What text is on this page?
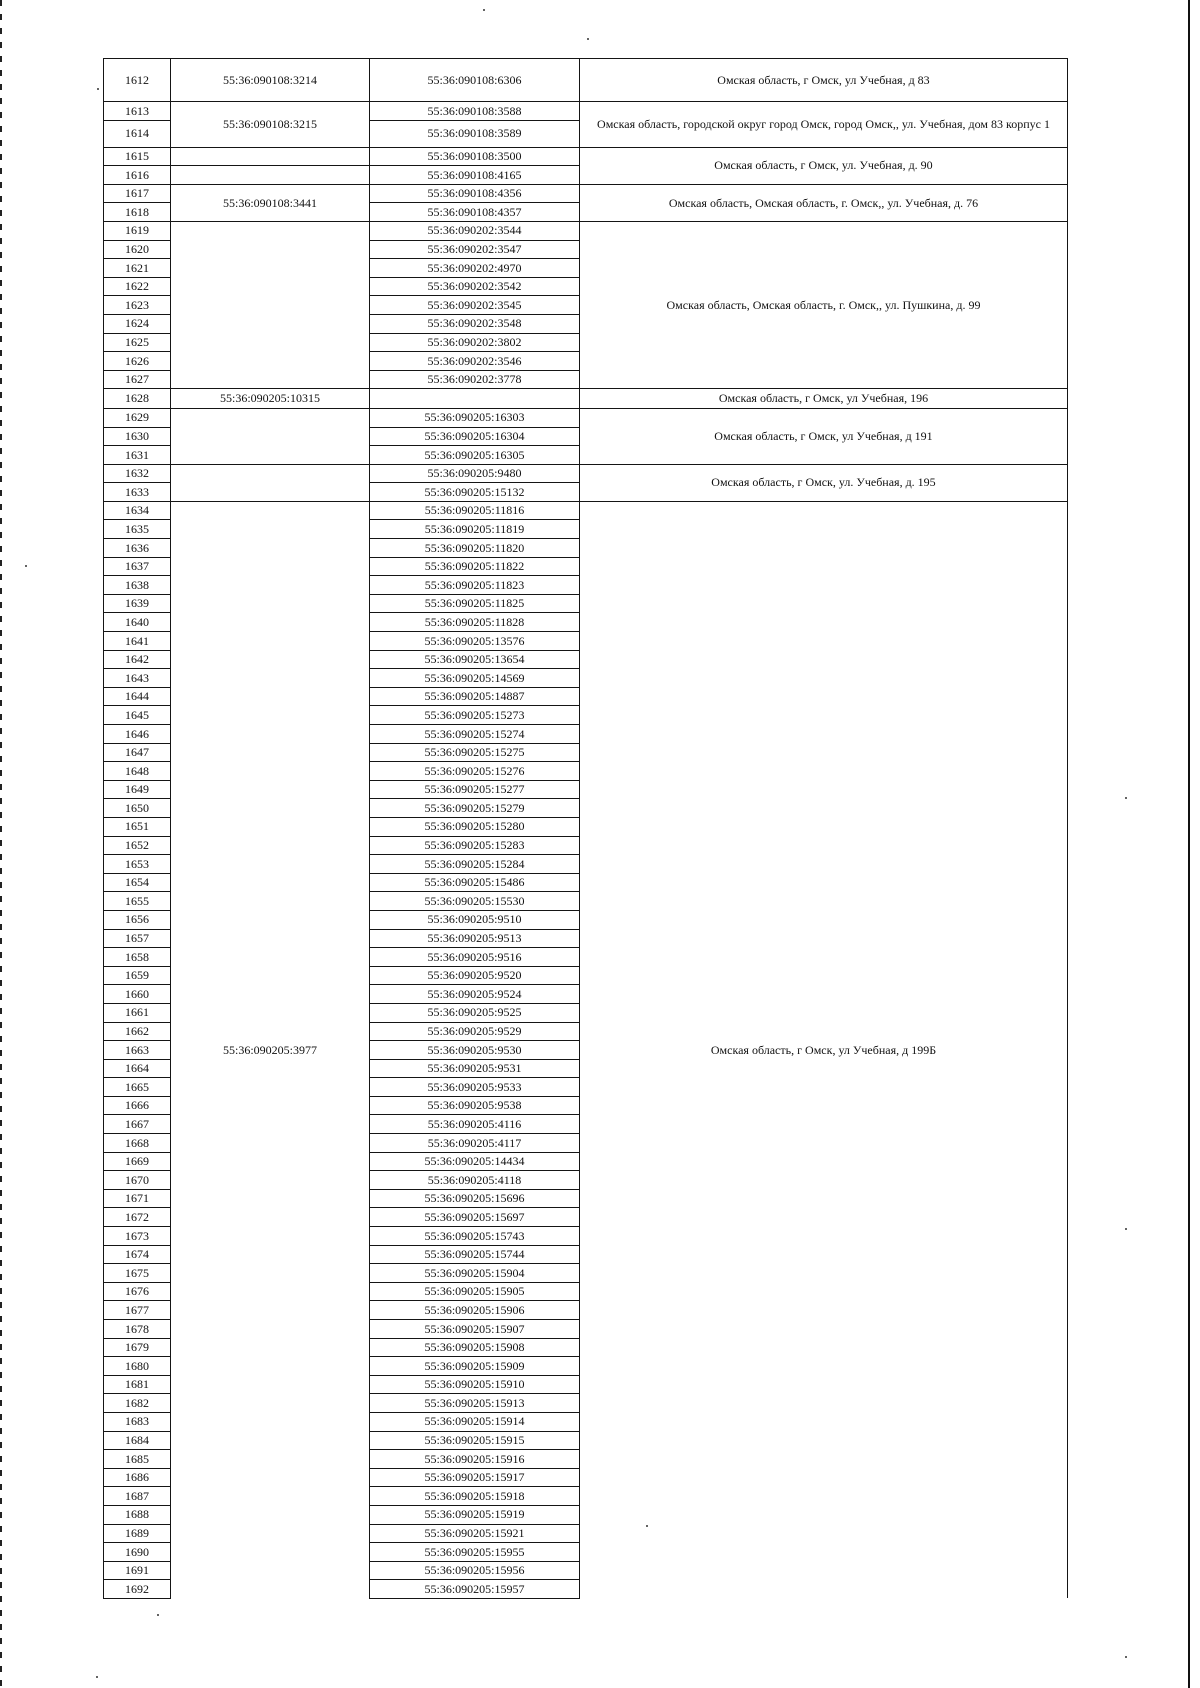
1612	55:36:090108:3214	55:36:090108:6306	Омская область, г Омск, ул Учебная, д 83
1613	55:36:090108:3215	55:36:090108:3588	Омская область, городской округ город Омск, город Омск,, ул. Учебная, дом 83 корпус 1
1614		55:36:090108:3589	
1615		55:36:090108:3500	Омская область, г Омск, ул. Учебная, д. 90
1616		55:36:090108:4165	
1617	55:36:090108:3441	55:36:090108:4356	Омская область, Омская область, г. Омск,, ул. Учебная, д. 76
1618		55:36:090108:4357	
1619		55:36:090202:3544	Омская область, Омская область, г. Омск,, ул. Пушкина, д. 99
1620		55:36:090202:3547	
1621		55:36:090202:4970	
1622		55:36:090202:3542	
1623		55:36:090202:3545	
1624		55:36:090202:3548	
1625		55:36:090202:3802	
1626		55:36:090202:3546	
1627		55:36:090202:3778	
1628	55:36:090205:10315		Омская область, г Омск, ул Учебная, 196
1629		55:36:090205:16303	Омская область, г Омск, ул Учебная, д 191
1630		55:36:090205:16304	
1631		55:36:090205:16305	
1632		55:36:090205:9480	Омская область, г Омск, ул. Учебная, д. 195
1633		55:36:090205:15132	
1634	55:36:090205:3977	55:36:090205:11816	Омская область, г Омск, ул Учебная, д 199Б
1635		55:36:090205:11819	
1636		55:36:090205:11820	
1637		55:36:090205:11822	
1638		55:36:090205:11823	
1639		55:36:090205:11825	
1640		55:36:090205:11828	
1641		55:36:090205:13576	
1642		55:36:090205:13654	
1643		55:36:090205:14569	
1644		55:36:090205:14887	
1645		55:36:090205:15273	
1646		55:36:090205:15274	
1647		55:36:090205:15275	
1648		55:36:090205:15276	
1649		55:36:090205:15277	
1650		55:36:090205:15279	
1651		55:36:090205:15280	
1652		55:36:090205:15283	
1653		55:36:090205:15284	
1654		55:36:090205:15486	
1655		55:36:090205:15530	
1656		55:36:090205:9510	
1657		55:36:090205:9513	
1658		55:36:090205:9516	
1659		55:36:090205:9520	
1660		55:36:090205:9524	
1661		55:36:090205:9525	
1662		55:36:090205:9529	
1663		55:36:090205:9530	
1664		55:36:090205:9531	
1665		55:36:090205:9533	
1666		55:36:090205:9538	
1667		55:36:090205:4116	
1668		55:36:090205:4117	
1669		55:36:090205:14434	
1670		55:36:090205:4118	
1671		55:36:090205:15696	
1672		55:36:090205:15697	
1673		55:36:090205:15743	
1674		55:36:090205:15744	
1675		55:36:090205:15904	
1676		55:36:090205:15905	
1677		55:36:090205:15906	
1678		55:36:090205:15907	
1679		55:36:090205:15908	
1680		55:36:090205:15909	
1681		55:36:090205:15910	
1682		55:36:090205:15913	
1683		55:36:090205:15914	
1684		55:36:090205:15915	
1685		55:36:090205:15916	
1686		55:36:090205:15917	
1687		55:36:090205:15918	
1688		55:36:090205:15919	
1689		55:36:090205:15921	
1690		55:36:090205:15955	
1691		55:36:090205:15956	
1692		55:36:090205:15957	
